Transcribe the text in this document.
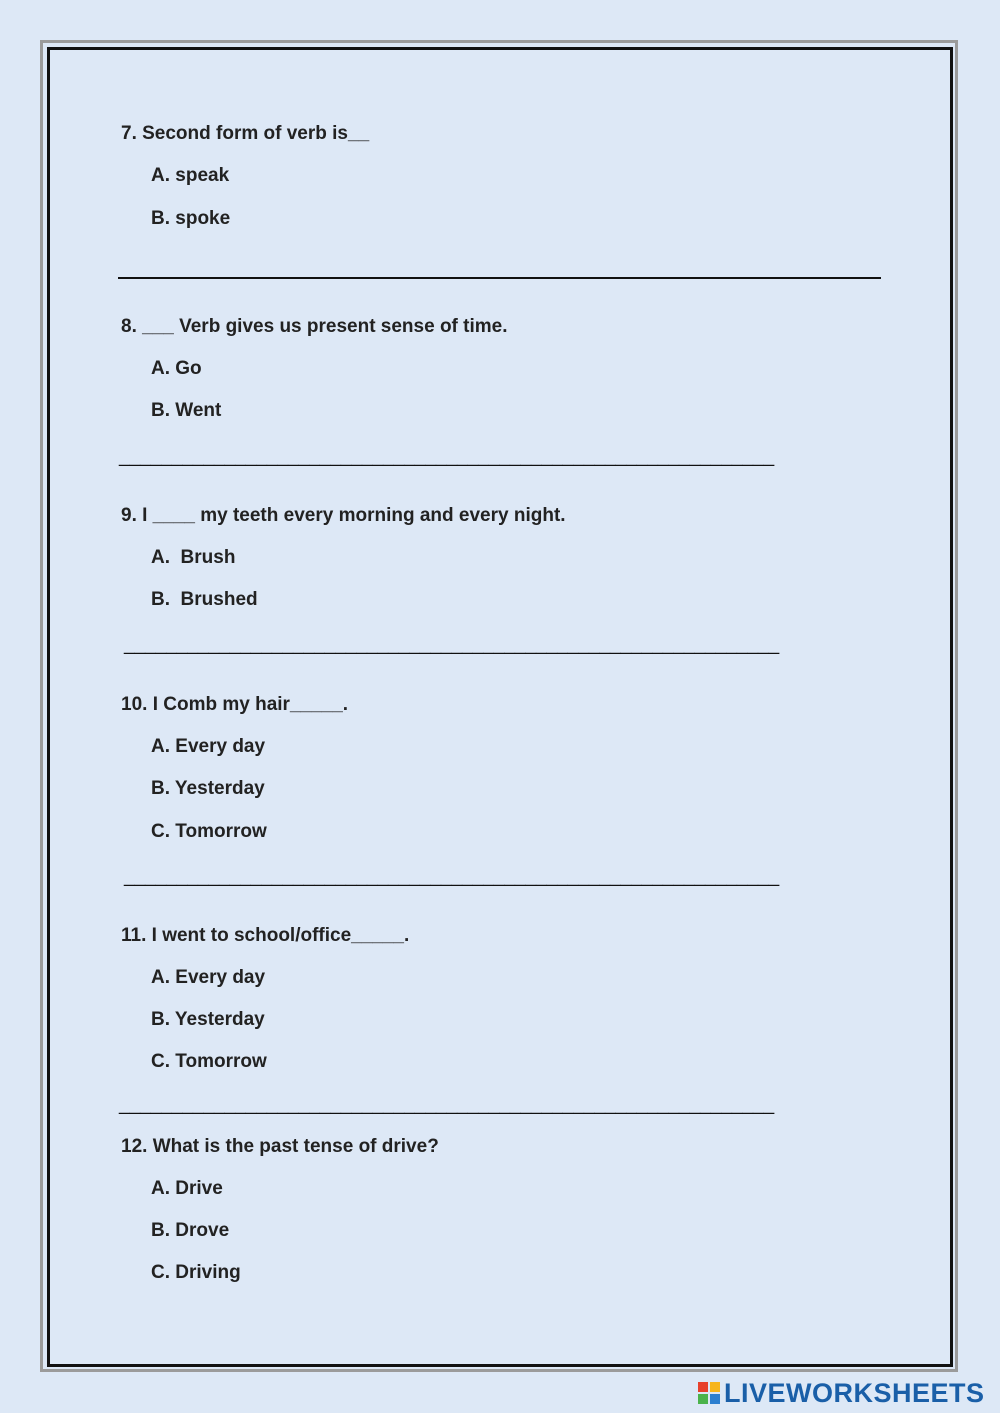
7. Second form of verb is__

A. speak

B. spoke

8. ___ Verb gives us present sense of time.

A. Go

B. Went

______________________________________________________________

9. I ____ my teeth every morning and every night.

A.  Brush

B.  Brushed

______________________________________________________________

10. I Comb my hair_____.

A. Every day

B. Yesterday

C. Tomorrow

______________________________________________________________

11. I went to school/office_____.

A. Every day

B. Yesterday

C. Tomorrow

______________________________________________________________

12. What is the past tense of drive?

A. Drive

B. Drove

C. Driving

LIVEWORKSHEETS
